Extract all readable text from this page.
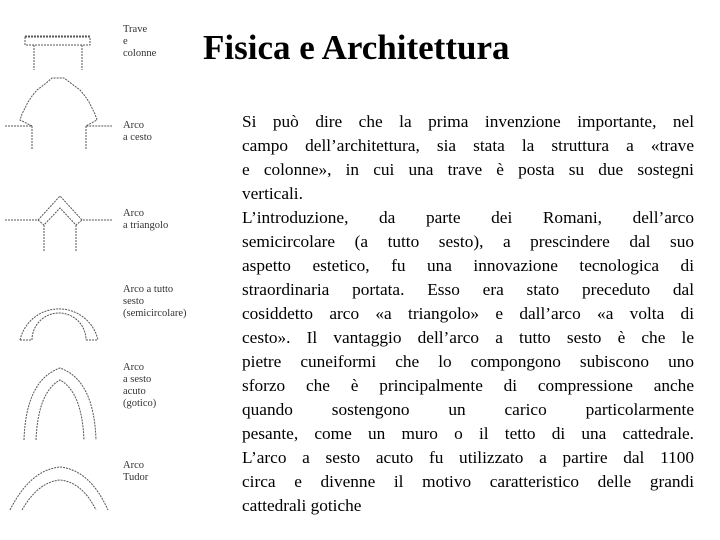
Trave
e
colonne
Arco
a cesto
Arco
a triangolo
Arco a tutto
sesto
(semicircolare)
Arco
a sesto
acuto
(gotico)
Arco
Tudor
Fisica e Architettura
Si può dire che la prima invenzione importante, nel
campo dell’architettura, sia stata la struttura a «trave
e colonne», in cui una trave è posta su due sostegni
verticali.
L’introduzione, da parte dei Romani, dell’arco
semicircolare (a tutto sesto), a prescindere dal suo
aspetto estetico, fu una innovazione tecnologica di
straordinaria portata. Esso era stato preceduto dal
cosiddetto arco «a triangolo» e dall’arco «a volta di
cesto». Il vantaggio dell’arco a tutto sesto è che le
pietre cuneiformi che lo compongono subiscono uno
sforzo che è principalmente di compressione anche
quando sostengono un carico particolarmente
pesante, come un muro o il tetto di una cattedrale.
L’arco a sesto acuto fu utilizzato a partire dal 1100
circa e divenne il motivo caratteristico delle grandi
cattedrali gotiche
